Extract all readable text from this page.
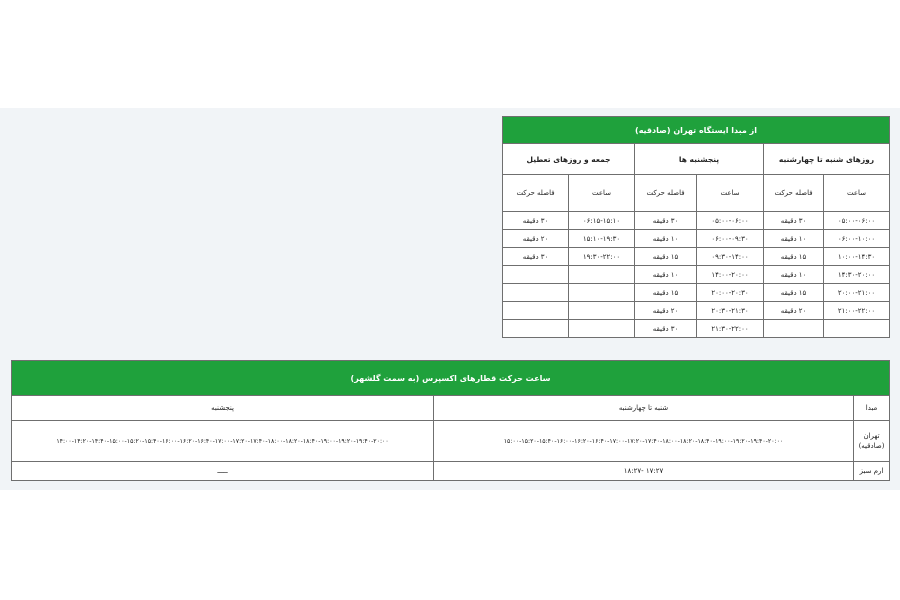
از مبدا ایستگاه تهران (صادقیه)					
روزهای شنبه تا چهارشنبه		پنجشنبه ها		جمعه و روزهای تعطیل	
ساعت	فاصله حرکت	ساعت	فاصله حرکت	ساعت	فاصله حرکت
۰۵:۰۰-۰۶:۰۰	۳۰ دقیقه	۰۵:۰۰-۰۶:۰۰	۳۰ دقیقه	۰۶:۱۵-۱۵:۱۰	۳۰ دقیقه
۰۶:۰۰-۱۰:۰۰	۱۰ دقیقه	۰۶:۰۰-۰۹:۳۰	۱۰ دقیقه	۱۵:۱۰-۱۹:۳۰	۲۰ دقیقه
۱۰:۰۰-۱۴:۳۰	۱۵ دقیقه	۰۹:۳۰-۱۴:۰۰	۱۵ دقیقه	۱۹:۳۰-۲۲:۰۰	۳۰ دقیقه
۱۴:۳۰-۲۰:۰۰	۱۰ دقیقه	۱۴:۰۰-۲۰:۰۰	۱۰ دقیقه		
۲۰:۰۰-۲۱:۰۰	۱۵ دقیقه	۲۰:۰۰-۲۰:۳۰	۱۵ دقیقه		
۲۱:۰۰-۲۲:۰۰	۲۰ دقیقه	۲۰:۳۰-۲۱:۳۰	۲۰ دقیقه		
		۲۱:۳۰-۲۲:۰۰	۳۰ دقیقه		
ساعت حرکت قطارهای اکسپرس (به سمت گلشهر)		
مبدا	شنبه تا چهارشنبه	پنجشنبه
تهران (صادقیه)	۱۵:۰۰-۱۵:۲۰-۱۵:۴۰-۱۶:۰۰-۱۶:۲۰-۱۶:۴۰-۱۷:۰۰-۱۷:۲۰-۱۷:۴۰-۱۸:۰۰-۱۸:۲۰-۱۸:۴۰-۱۹:۰۰-۱۹:۲۰-۱۹:۴۰-۲۰:۰۰	۱۴:۰۰-۱۴:۲۰-۱۴:۴۰-۱۵:۰۰-۱۵:۲۰-۱۵:۴۰-۱۶:۰۰-۱۶:۲۰-۱۶:۴۰-۱۷:۰۰-۱۷:۲۰-۱۷:۴۰-۱۸:۰۰-۱۸:۲۰-۱۸:۴۰-۱۹:۰۰-۱۹:۲۰-۱۹:۴۰-۲۰:۰۰
ارم سبز	۱۷:۲۷ -۱۸:۲۷	ـــــ
